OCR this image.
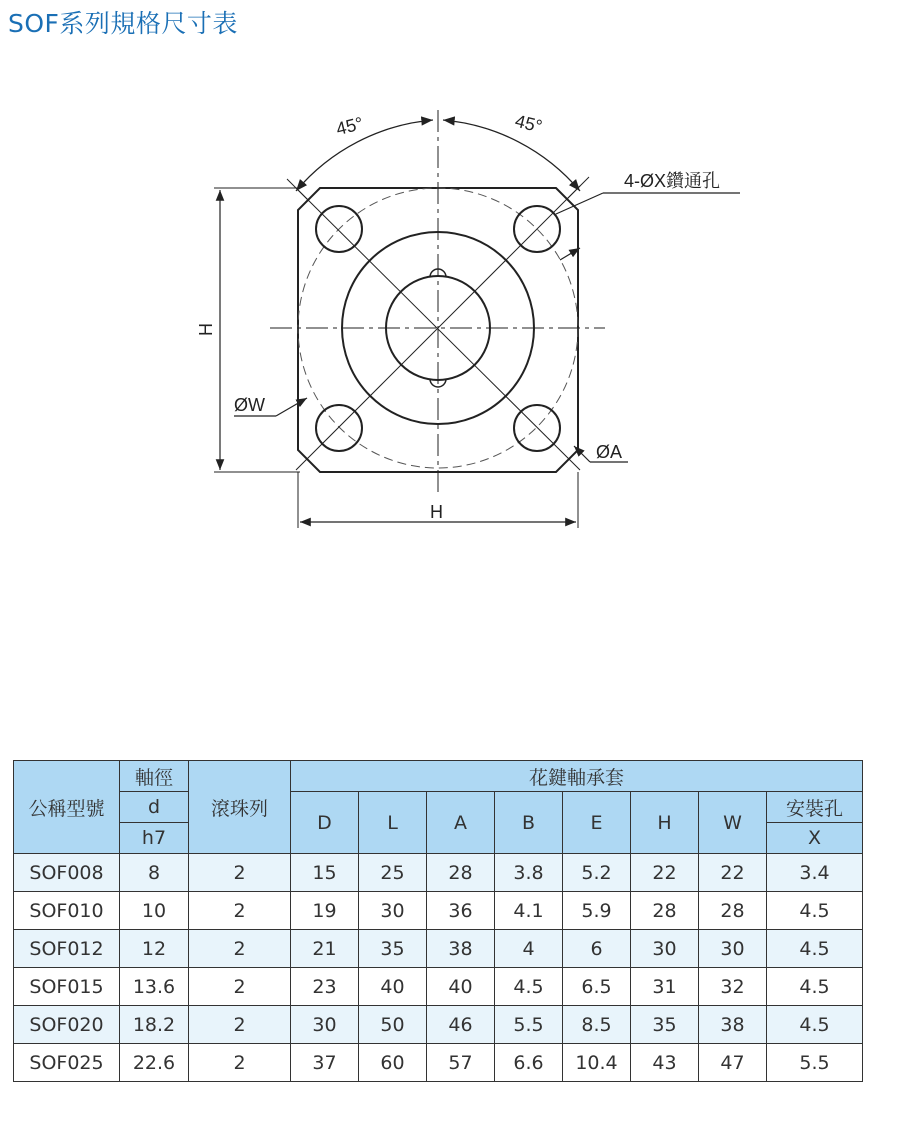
SOF系列規格尺寸表
45°	45°
4-ØX鑽通孔
ØW
ØA
H
H
公稱型號	軸徑	滾珠列	花鍵軸承套							
	d		D	L	A	B	E	H	W	安裝孔
	h7									X
SOF008	8	2	15	25	28	3.8	5.2	22	22	3.4
SOF010	10	2	19	30	36	4.1	5.9	28	28	4.5
SOF012	12	2	21	35	38	4	6	30	30	4.5
SOF015	13.6	2	23	40	40	4.5	6.5	31	32	4.5
SOF020	18.2	2	30	50	46	5.5	8.5	35	38	4.5
SOF025	22.6	2	37	60	57	6.6	10.4	43	47	5.5
